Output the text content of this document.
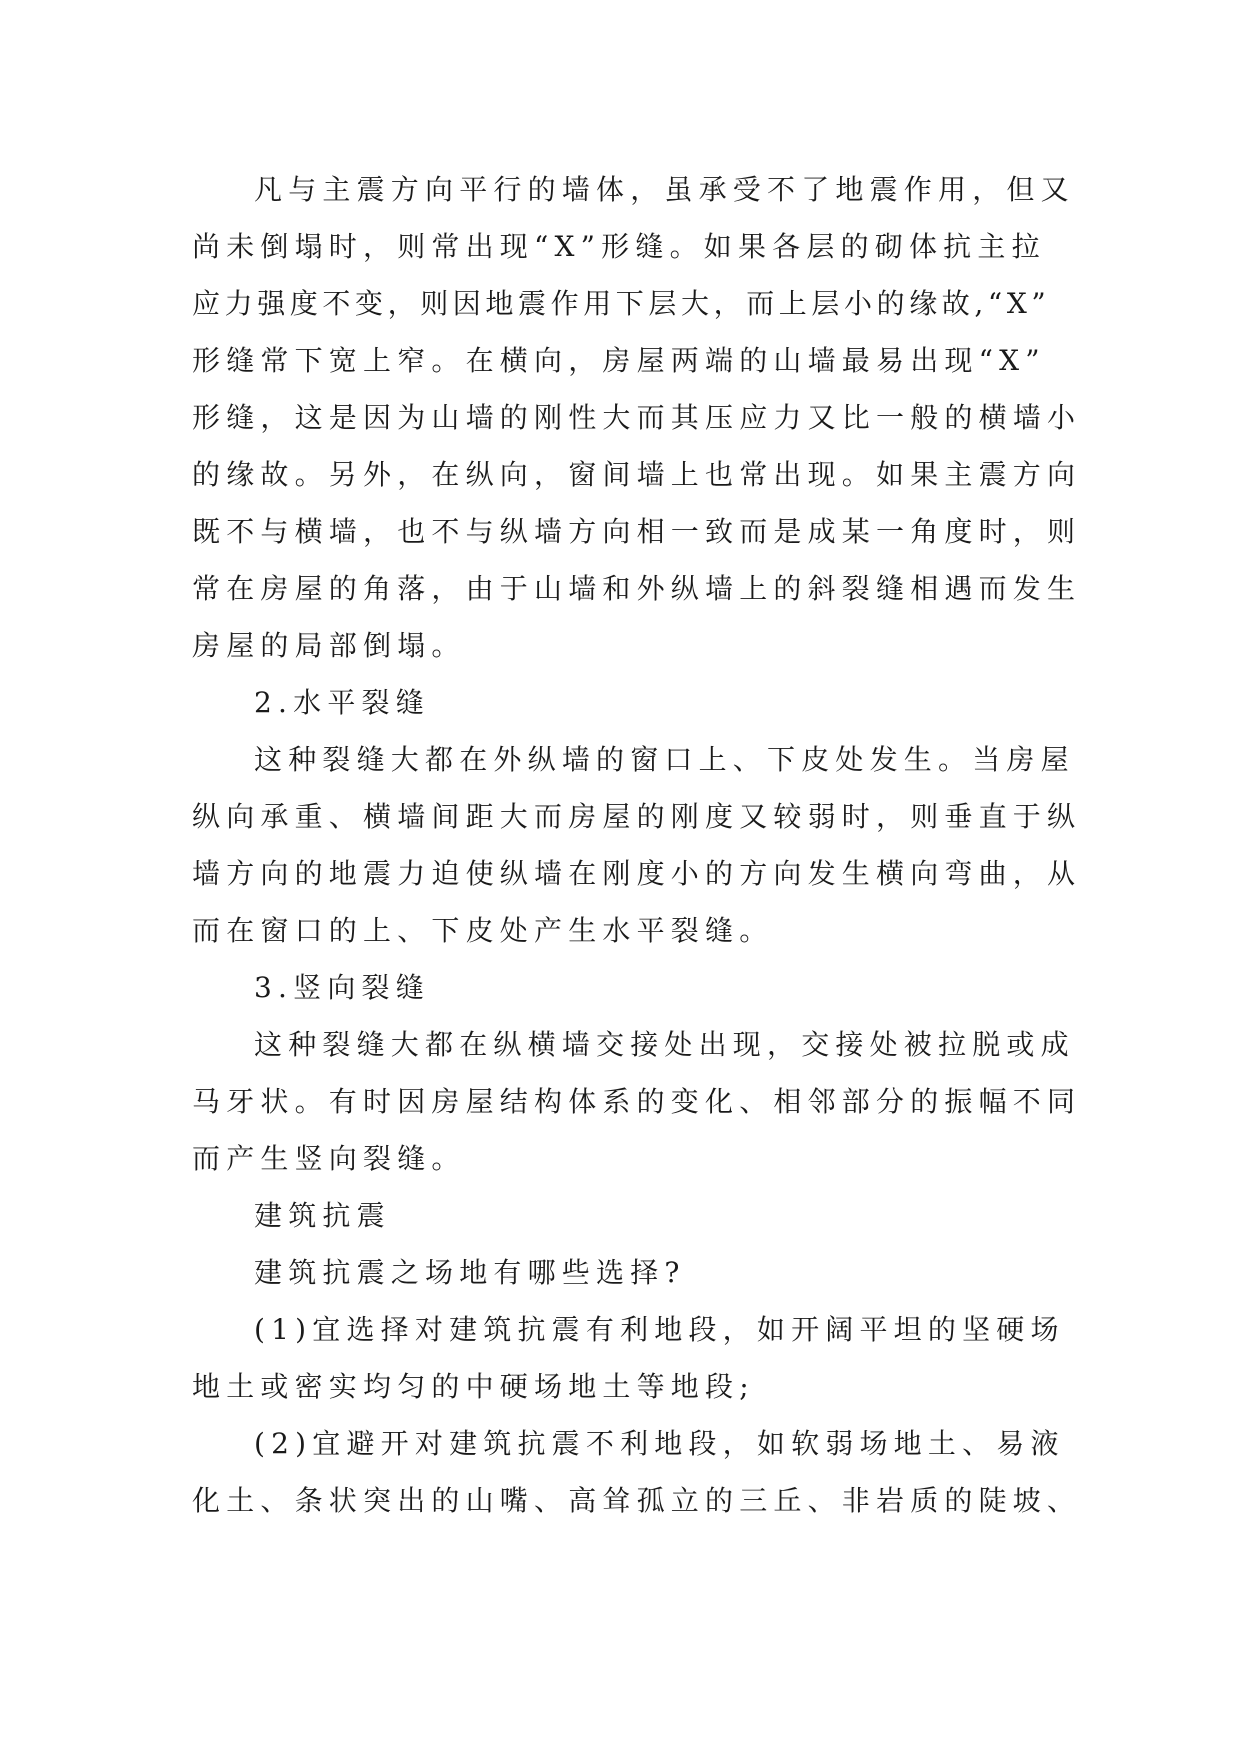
凡与主震方向平行的墙体，虽承受不了地震作用，但又
尚未倒塌时，则常出现“X”形缝。如果各层的砌体抗主拉
应力强度不变，则因地震作用下层大，而上层小的缘故,“X”
形缝常下宽上窄。在横向，房屋两端的山墙最易出现“X”
形缝，这是因为山墙的刚性大而其压应力又比一般的横墙小
的缘故。另外，在纵向，窗间墙上也常出现。如果主震方向
既不与横墙，也不与纵墙方向相一致而是成某一角度时，则
常在房屋的角落，由于山墙和外纵墙上的斜裂缝相遇而发生
房屋的局部倒塌。
2.水平裂缝
这种裂缝大都在外纵墙的窗口上、下皮处发生。当房屋
纵向承重、横墙间距大而房屋的刚度又较弱时，则垂直于纵
墙方向的地震力迫使纵墙在刚度小的方向发生横向弯曲，从
而在窗口的上、下皮处产生水平裂缝。
3.竖向裂缝
这种裂缝大都在纵横墙交接处出现，交接处被拉脱或成
马牙状。有时因房屋结构体系的变化、相邻部分的振幅不同
而产生竖向裂缝。
建筑抗震
建筑抗震之场地有哪些选择?
(1)宜选择对建筑抗震有利地段，如开阔平坦的坚硬场
地土或密实均匀的中硬场地土等地段;
(2)宜避开对建筑抗震不利地段，如软弱场地土、易液
化土、条状突出的山嘴、高耸孤立的三丘、非岩质的陡坡、
